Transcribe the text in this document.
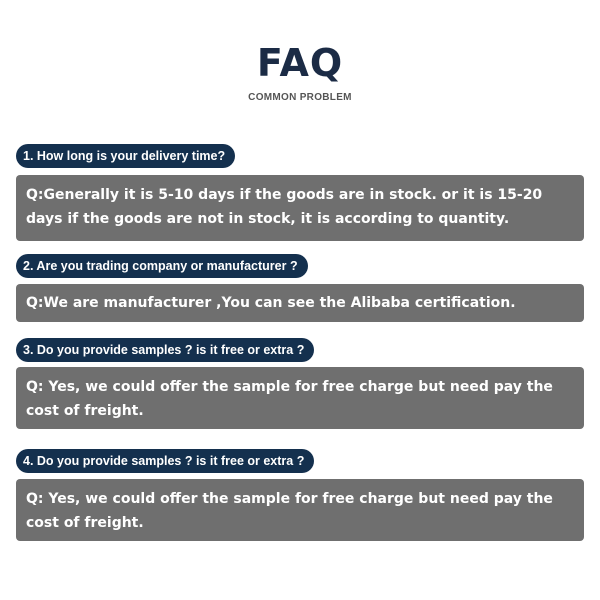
FAQ
COMMON PROBLEM
1. How long is your delivery time?
Q:Generally it is 5-10 days if the goods are in stock. or it is 15-20 days if the goods are not in stock, it is according to quantity.
2. Are you trading company or manufacturer ?
Q:We are manufacturer ,You can see the Alibaba certification.
3. Do you provide samples ? is it free or extra ?
Q: Yes, we could offer the sample for free charge but need pay the cost of freight.
4. Do you provide samples ? is it free or extra ?
Q: Yes, we could offer the sample for free charge but need pay the cost of freight.
